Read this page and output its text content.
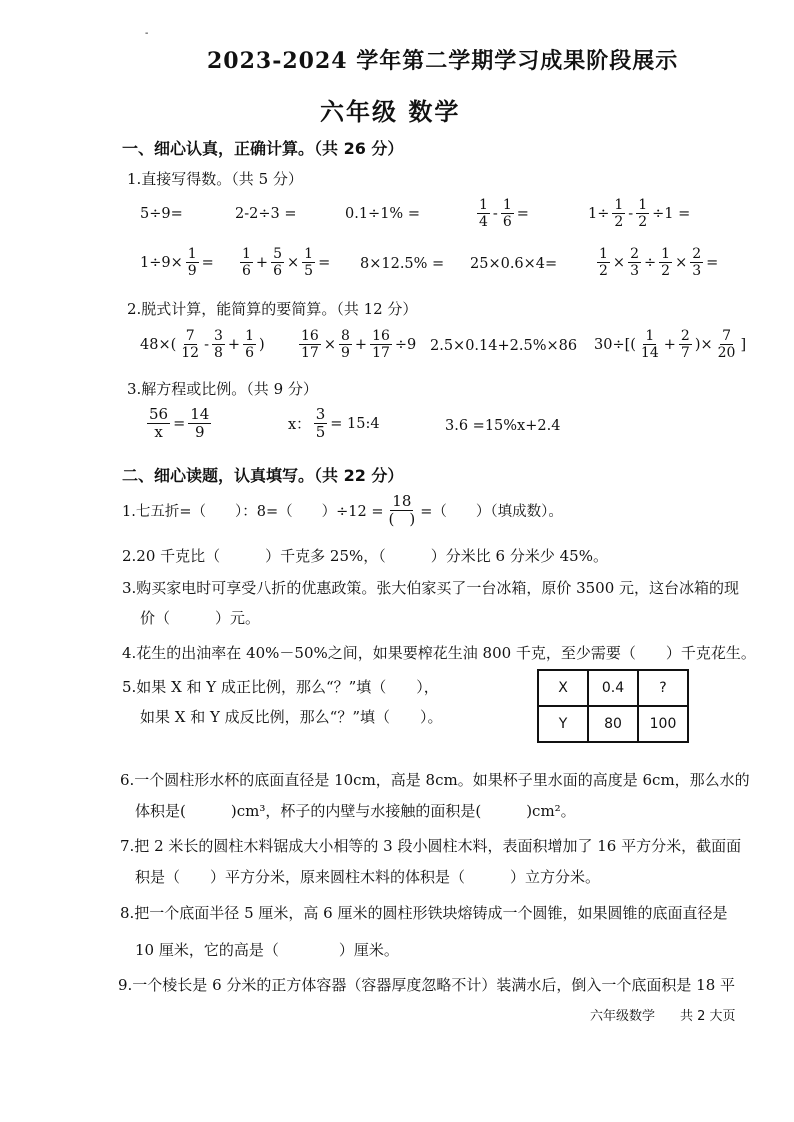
-
2023-2024 学年第二学期学习成果阶段展示
六年级 数学
一、细心认真，正确计算。（共 26 分）
1.直接写得数。（共 5 分）
5÷9=	2-2÷3 =	0.1÷1% =	$\frac{1}{4} - \frac{1}{6}$ =	$1\div \frac{1}{2} - \frac{1}{2} \div 1$ =
$1\div 9\times \frac{1}{9} = \frac{1}{6} + \frac{5}{6} \times \frac{1}{5} = 8\times 12.5\% = 25\times 0.6\times 4=$	$\frac{1}{2} \times \frac{2}{3} \div \frac{1}{2} \times \frac{2}{3}$ =
2.脱式计算，能简算的要简算。（共 12 分）
$48\times( \frac{7}{12} - \frac{3}{8} + \frac{1}{6}$ ) $\frac{16}{17} \times \frac{8}{9} + \frac{16}{17} \div 9$ 2.5×0.14+2.5%×86 $30\div[( \frac{1}{14} + \frac{2}{7}$ )× $\frac{7}{20}$ ]
3.解方程或比例。（共 9 分）
$\frac{56}{x} = \frac{14}{9}$	x： $\frac{3}{5}$ = 15:4	3.6 =15%x+2.4
二、细心读题，认真填写。（共 22 分）
1.七五折=（　　）：8=（　　）$\div 12 = \frac{18}{( )}$ =（　　）（填成数）。
2.20 千克比（　　　）千克多 25%，（　　　）分米比 6 分米少 45%。
3.购买家电时可享受八折的优惠政策。张大伯家买了一台冰箱，原价 3500 元，这台冰箱的现
价（　　　）元。
4.花生的出油率在 40%－50%之间，如果要榨花生油 800 千克，至少需要（　　）千克花生。
5.如果 X 和 Y 成正比例，那么“？”填（　　），
如果 X 和 Y 成反比例，那么“？”填（　　）。
X	0.4	?
Y	80	100
6.一个圆柱形水杯的底面直径是 10cm，高是 8cm。如果杯子里水面的高度是 6cm，那么水的
体积是(　　　)cm³，杯子的内壁与水接触的面积是(　　　)cm²。
7.把 2 米长的圆柱木料锯成大小相等的 3 段小圆柱木料，表面积增加了 16 平方分米，截面面
积是（　　）平方分米，原来圆柱木料的体积是（　　　）立方分米。
8.把一个底面半径 5 厘米，高 6 厘米的圆柱形铁块熔铸成一个圆锥，如果圆锥的底面直径是
10 厘米，它的高是（　　　　）厘米。
9.一个棱长是 6 分米的正方体容器（容器厚度忽略不计）装满水后，倒入一个底面积是 18 平
六年级数学 共 2 大页
